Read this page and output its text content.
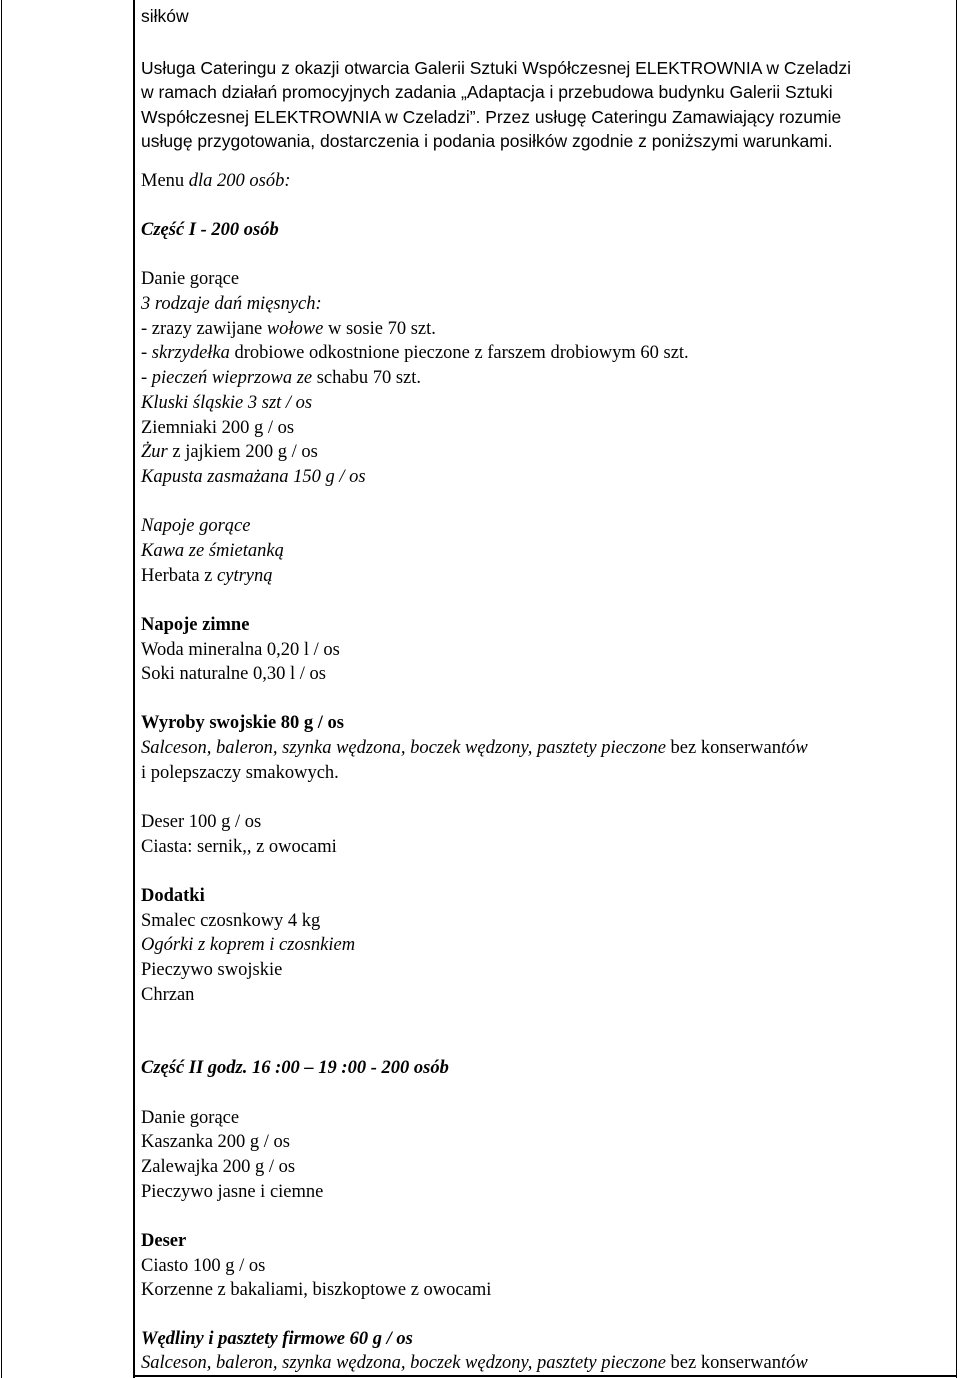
siłków
Usługa Cateringu z okazji otwarcia Galerii Sztuki Współczesnej ELEKTROWNIA w Czeladzi
w ramach działań promocyjnych zadania „Adaptacja i przebudowa budynku Galerii Sztuki
Współczesnej ELEKTROWNIA w Czeladzi”. Przez usługę Cateringu Zamawiający rozumie
usługę przygotowania, dostarczenia i podania posiłków zgodnie z poniższymi warunkami.
Menu dla 200 osób:
Część I - 200 osób
Danie gorące
3 rodzaje dań mięsnych:
- zrazy zawijane wołowe w sosie 70 szt.
- skrzydełka drobiowe odkostnione pieczone z farszem drobiowym 60 szt.
- pieczeń wieprzowa ze schabu 70 szt.
Kluski śląskie 3 szt / os
Ziemniaki 200 g / os
Żur z jajkiem 200 g / os
Kapusta zasmażana 150 g / os
Napoje gorące
Kawa ze śmietanką
Herbata z cytryną
Napoje zimne
Woda mineralna 0,20 l / os
Soki naturalne 0,30 l / os
Wyroby swojskie 80 g / os
Salceson, baleron, szynka wędzona, boczek wędzony, pasztety pieczone bez konserwantów
i polepszaczy smakowych.
Deser 100 g / os
Ciasta: sernik,, z owocami
Dodatki
Smalec czosnkowy 4 kg
Ogórki z koprem i czosnkiem
Pieczywo swojskie
Chrzan
Część II godz. 16 :00 – 19 :00 - 200 osób
Danie gorące
Kaszanka 200 g / os
Zalewajka 200 g / os
Pieczywo jasne i ciemne
Deser
Ciasto 100 g / os
Korzenne z bakaliami, biszkoptowe z owocami
Wędliny i pasztety firmowe 60 g / os
Salceson, baleron, szynka wędzona, boczek wędzony, pasztety pieczone bez konserwantów
